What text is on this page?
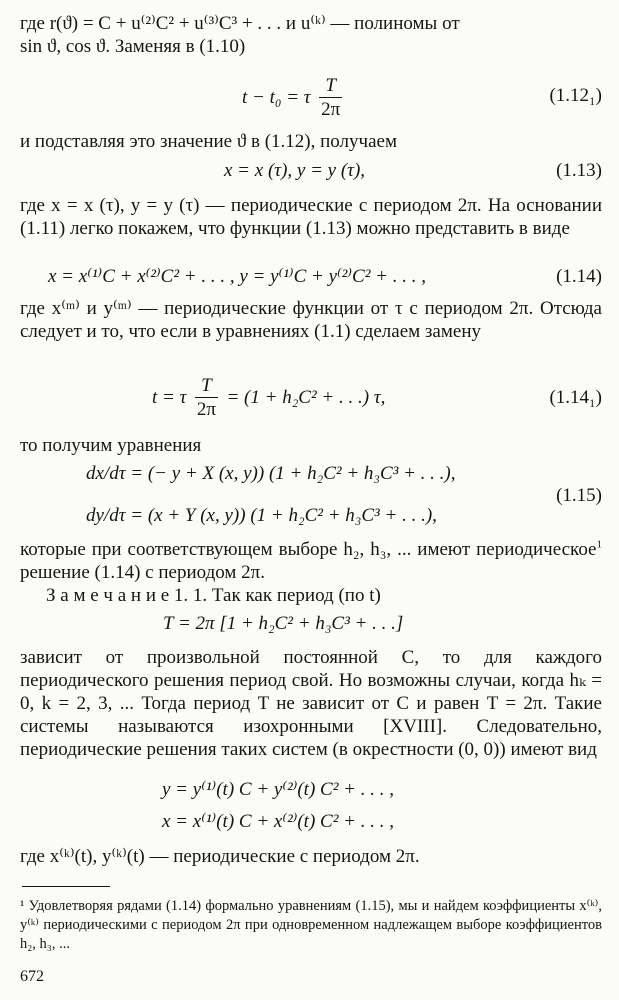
где r(ϑ) = C + u⁽²⁾C² + u⁽³⁾C³ + . . . и u⁽ᵏ⁾ — полиномы от

sin ϑ, cos ϑ. Заменяя в (1.10)

t − t₀ = τ $\frac{T}{2\pi}$	(1.12₁)
и подставляя это значение ϑ в (1.12), получаем
x = x (τ), y = y (τ),	(1.13)
где x = x (τ), y = y (τ) — периодические с периодом 2π. На основании (1.11) легко покажем, что функции (1.13) можно представить в виде
x = x⁽¹⁾C + x⁽²⁾C² + . . . , y = y⁽¹⁾C + y⁽²⁾C² + . . . ,	(1.14)
где x⁽ᵐ⁾ и y⁽ᵐ⁾ — периодические функции от τ с периодом 2π. Отсюда следует и то, что если в уравнениях (1.1) сделаем замену
t = τ $\frac{T}{2\pi} = (1 + h_2C^2$ + . . .) τ,	(1.14₁)
то получим уравнения
dx/dτ = (− y + X (x, y)) (1 + h₂C² + h₃C³ + . . .),
dy/dτ = (x + Y (x, y)) (1 + h₂C² + h₃C³ + . . .),
(1.15)
которые при соответствующем выборе h₂, h₃, ... имеют периодическое$^1$ решение (1.14) с периодом 2π.
З а м е ч а н и е 1. 1. Так как период (по t)
T = 2π [1 + h₂C² + h₃C³ + . . .]
зависит от произвольной постоянной C, то для каждого периодического решения период свой. Но возможны случаи, когда hₖ = 0, k = 2, 3, ... Тогда период T не зависит от C и равен T = 2π. Такие системы называются изохронными [XVIII]. Следовательно, периодические решения таких систем (в окрестности (0, 0)) имеют вид
y = y⁽¹⁾(t) C + y⁽²⁾(t) C² + . . . ,
x = x⁽¹⁾(t) C + x⁽²⁾(t) C² + . . . ,
где x⁽ᵏ⁾(t), y⁽ᵏ⁾(t) — периодические с периодом 2π.
¹ Удовлетворяя рядами (1.14) формально уравнениям (1.15), мы и найдем коэффициенты x⁽ᵏ⁾, y⁽ᵏ⁾ периодическими с периодом 2π при одновременном надлежащем выборе коэффициентов h₂, h₃, ...
672
